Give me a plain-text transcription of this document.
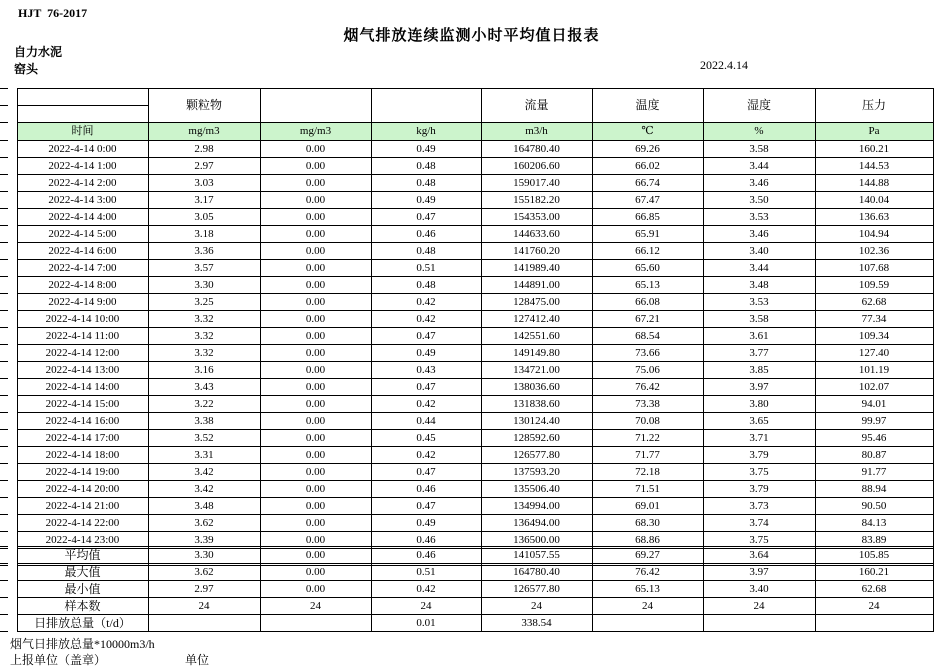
HJT  76-2017
烟气排放连续监测小时平均值日报表
自力水泥
窑头	2022.4.14
			颗粒物			流量	温度	湿度	压力

		时间	mg/m3	mg/m3	kg/h	m3/h	℃	%	Pa
		2022-4-14 0:00	2.98	0.00	0.49	164780.40	69.26	3.58	160.21
		2022-4-14 1:00	2.97	0.00	0.48	160206.60	66.02	3.44	144.53
		2022-4-14 2:00	3.03	0.00	0.48	159017.40	66.74	3.46	144.88
		2022-4-14 3:00	3.17	0.00	0.49	155182.20	67.47	3.50	140.04
		2022-4-14 4:00	3.05	0.00	0.47	154353.00	66.85	3.53	136.63
		2022-4-14 5:00	3.18	0.00	0.46	144633.60	65.91	3.46	104.94
		2022-4-14 6:00	3.36	0.00	0.48	141760.20	66.12	3.40	102.36
		2022-4-14 7:00	3.57	0.00	0.51	141989.40	65.60	3.44	107.68
		2022-4-14 8:00	3.30	0.00	0.48	144891.00	65.13	3.48	109.59
		2022-4-14 9:00	3.25	0.00	0.42	128475.00	66.08	3.53	62.68
		2022-4-14 10:00	3.32	0.00	0.42	127412.40	67.21	3.58	77.34
		2022-4-14 11:00	3.32	0.00	0.47	142551.60	68.54	3.61	109.34
		2022-4-14 12:00	3.32	0.00	0.49	149149.80	73.66	3.77	127.40
		2022-4-14 13:00	3.16	0.00	0.43	134721.00	75.06	3.85	101.19
		2022-4-14 14:00	3.43	0.00	0.47	138036.60	76.42	3.97	102.07
		2022-4-14 15:00	3.22	0.00	0.42	131838.60	73.38	3.80	94.01
		2022-4-14 16:00	3.38	0.00	0.44	130124.40	70.08	3.65	99.97
		2022-4-14 17:00	3.52	0.00	0.45	128592.60	71.22	3.71	95.46
		2022-4-14 18:00	3.31	0.00	0.42	126577.80	71.77	3.79	80.87
		2022-4-14 19:00	3.42	0.00	0.47	137593.20	72.18	3.75	91.77
		2022-4-14 20:00	3.42	0.00	0.46	135506.40	71.51	3.79	88.94
		2022-4-14 21:00	3.48	0.00	0.47	134994.00	69.01	3.73	90.50
		2022-4-14 22:00	3.62	0.00	0.49	136494.00	68.30	3.74	84.13
		2022-4-14 23:00	3.39	0.00	0.46	136500.00	68.86	3.75	83.89

		平均值	3.30	0.00	0.46	141057.55	69.27	3.64	105.85
		最大值	3.62	0.00	0.51	164780.40	76.42	3.97	160.21
		最小值	2.97	0.00	0.42	126577.80	65.13	3.40	62.68
		样本数	24	24	24	24	24	24	24
		日排放总量（t/d）			0.01	338.54			
烟气日排放总量*10000m3/h
上报单位（盖章）	单位
